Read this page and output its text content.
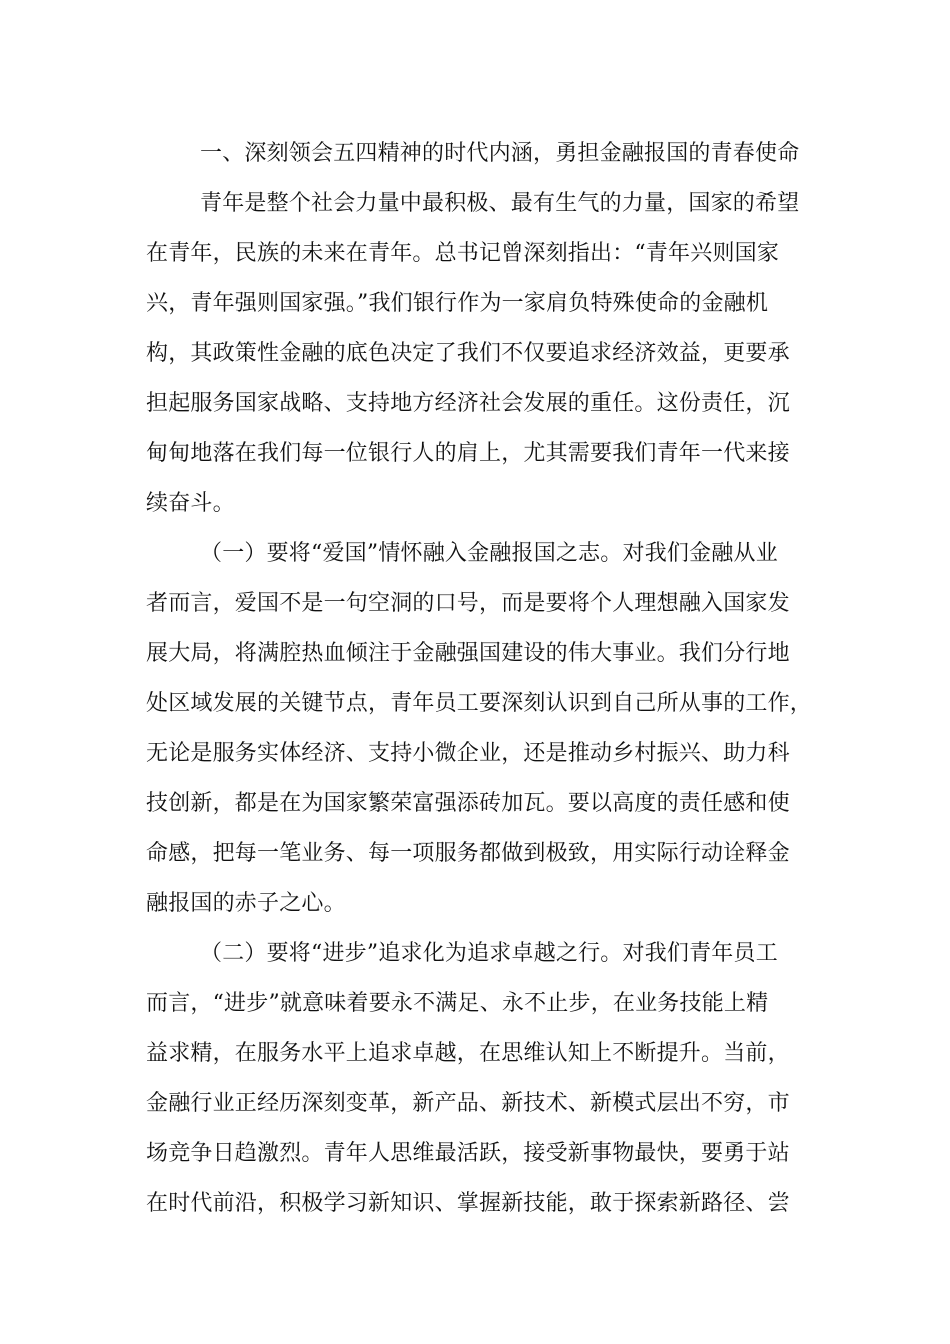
一、深刻领会五四精神的时代内涵，勇担金融报国的青春使命

青年是整个社会力量中最积极、最有生气的力量，国家的希望

在青年，民族的未来在青年。总书记曾深刻指出：“青年兴则国家

兴，青年强则国家强。”我们银行作为一家肩负特殊使命的金融机

构，其政策性金融的底色决定了我们不仅要追求经济效益，更要承

担起服务国家战略、支持地方经济社会发展的重任。这份责任，沉

甸甸地落在我们每一位银行人的肩上，尤其需要我们青年一代来接

续奋斗。

（一）要将“爱国”情怀融入金融报国之志。对我们金融从业

者而言，爱国不是一句空洞的口号，而是要将个人理想融入国家发

展大局，将满腔热血倾注于金融强国建设的伟大事业。我们分行地

处区域发展的关键节点，青年员工要深刻认识到自己所从事的工作，

无论是服务实体经济、支持小微企业，还是推动乡村振兴、助力科

技创新，都是在为国家繁荣富强添砖加瓦。要以高度的责任感和使

命感，把每一笔业务、每一项服务都做到极致，用实际行动诠释金

融报国的赤子之心。

（二）要将“进步”追求化为追求卓越之行。对我们青年员工

而言，“进步”就意味着要永不满足、永不止步，在业务技能上精

益求精，在服务水平上追求卓越，在思维认知上不断提升。当前，

金融行业正经历深刻变革，新产品、新技术、新模式层出不穷，市

场竞争日趋激烈。青年人思维最活跃，接受新事物最快，要勇于站

在时代前沿，积极学习新知识、掌握新技能，敢于探索新路径、尝
